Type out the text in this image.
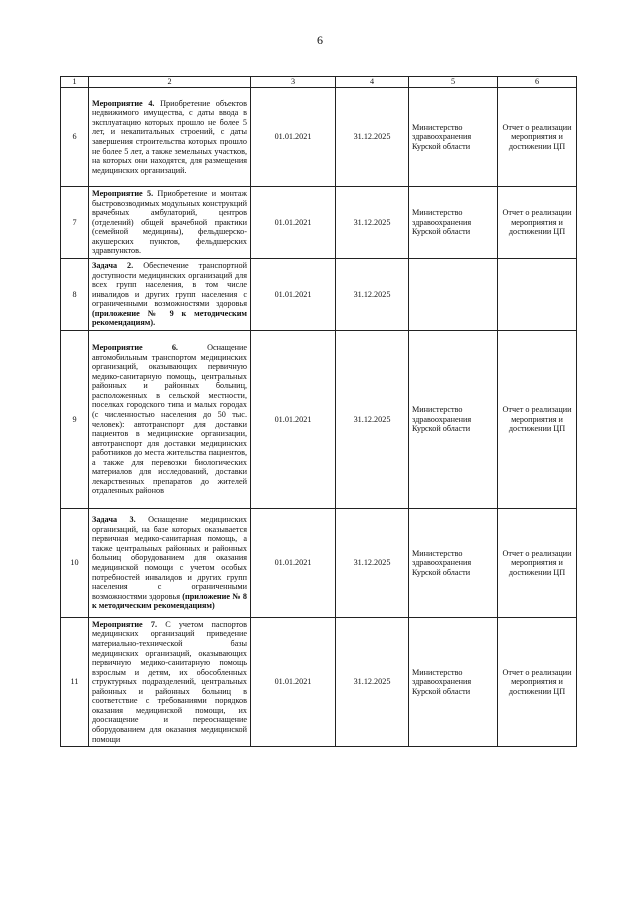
6
1	2	3	4	5	6
6	Мероприятие 4. Приобретение объектов недвижимого имущества, с даты ввода в эксплуатацию которых прошло не более 5 лет, и некапитальных строений, с даты завершения строительства которых прошло не более 5 лет, а также земельных участков, на которых они находятся, для размещения медицинских организаций.	01.01.2021	31.12.2025	Министерство здравоохранения Курской области	Отчет о реализации мероприятия и достижении ЦП
7	Мероприятие 5. Приобретение и монтаж быстровозводимых модульных конструкций врачебных амбулаторий, центров (отделений) общей врачебной практики (семейной медицины), фельдшерско-акушерских пунктов, фельдшерских здравпунктов.	01.01.2021	31.12.2025	Министерство здравоохранения Курской области	Отчет о реализации мероприятия и достижении ЦП
8	Задача 2. Обеспечение транспортной доступности медицинских организаций для всех групп населения, в том числе инвалидов и других групп населения с ограниченными возможностями здоровья (приложение № 9 к методическим рекомендациям).	01.01.2021	31.12.2025		
9	Мероприятие 6. Оснащение автомобильным транспортом медицинских организаций, оказывающих первичную медико-санитарную помощь, центральных районных и районных больниц, расположенных в сельской местности, поселках городского типа и малых городах (с численностью населения до 50 тыс. человек): автотранспорт для доставки пациентов в медицинские организации, автотранспорт для доставки медицинских работников до места жительства пациентов, а также для перевозки биологических материалов для исследований, доставки лекарственных препаратов до жителей отдаленных районов	01.01.2021	31.12.2025	Министерство здравоохранения Курской области	Отчет о реализации мероприятия и достижении ЦП
10	Задача 3. Оснащение медицинских организаций, на базе которых оказывается первичная медико-санитарная помощь, а также центральных районных и районных больниц оборудованием для оказания медицинской помощи с учетом особых потребностей инвалидов и других групп населения с ограниченными возможностями здоровья (приложение № 8 к методическим рекомендациям)	01.01.2021	31.12.2025	Министерство здравоохранения Курской области	Отчет о реализации мероприятия и достижении ЦП
11	Мероприятие 7. С учетом паспортов медицинских организаций приведение материально-технической базы медицинских организаций, оказывающих первичную медико-санитарную помощь взрослым и детям, их обособленных структурных подразделений, центральных районных и районных больниц в соответствие с требованиями порядков оказания медицинской помощи, их дооснащение и переоснащение оборудованием для оказания медицинской помощи	01.01.2021	31.12.2025	Министерство здравоохранения Курской области	Отчет о реализации мероприятия и достижении ЦП
